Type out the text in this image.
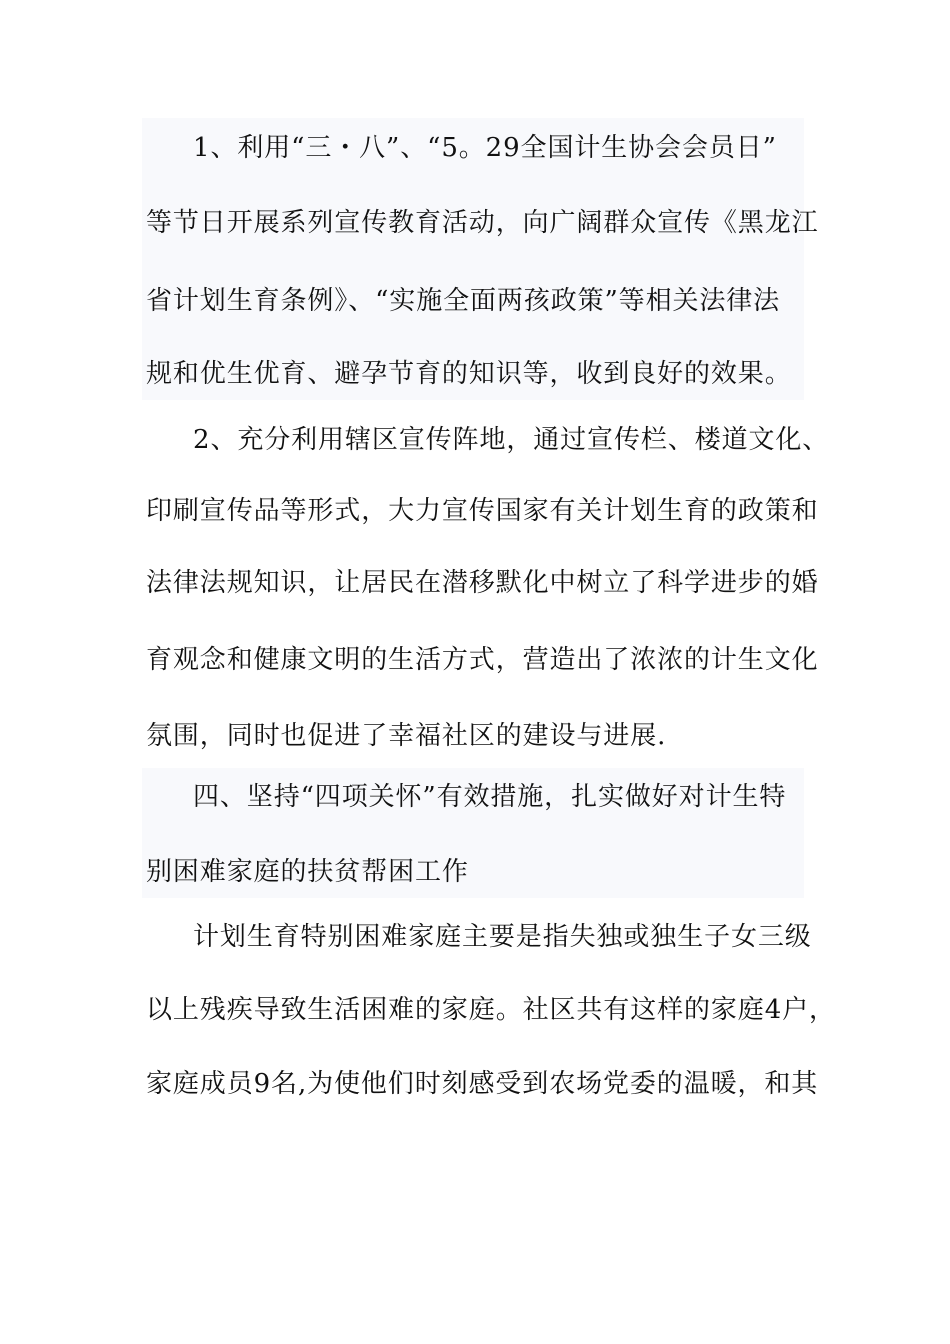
1、利用“三・八”、“5。29全国计生协会会员日”
等节日开展系列宣传教育活动，向广阔群众宣传《黑龙江
省计划生育条例》、“实施全面两孩政策”等相关法律法
规和优生优育、避孕节育的知识等，收到良好的效果。
2、充分利用辖区宣传阵地，通过宣传栏、楼道文化、
印刷宣传品等形式，大力宣传国家有关计划生育的政策和
法律法规知识，让居民在潜移默化中树立了科学进步的婚
育观念和健康文明的生活方式，营造出了浓浓的计生文化
氛围，同时也促进了幸福社区的建设与进展.
四、坚持“四项关怀”有效措施，扎实做好对计生特
别困难家庭的扶贫帮困工作
计划生育特别困难家庭主要是指失独或独生子女三级
以上残疾导致生活困难的家庭。社区共有这样的家庭4户，
家庭成员9名,为使他们时刻感受到农场党委的温暖，和其
